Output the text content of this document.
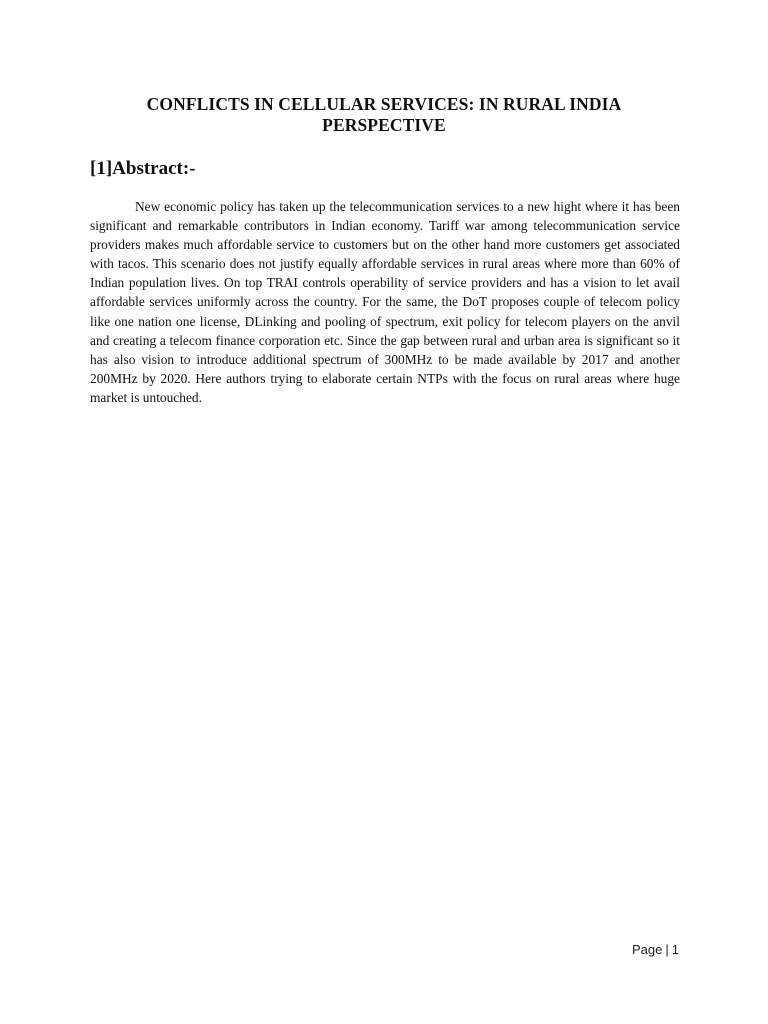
CONFLICTS IN CELLULAR SERVICES: IN RURAL INDIA PERSPECTIVE
[1]Abstract:-

New economic policy has taken up the telecommunication services to a new hight where it has been significant and remarkable contributors in Indian economy. Tariff war among telecommunication service providers makes much affordable service to customers but on the other hand more customers get associated with tacos. This scenario does not justify equally affordable services in rural areas where more than 60% of Indian population lives. On top TRAI controls operability of service providers and has a vision to let avail affordable services uniformly across the country. For the same, the DoT proposes couple of telecom policy like one nation one license, DLinking and pooling of spectrum, exit policy for telecom players on the anvil and creating a telecom finance corporation etc. Since the gap between rural and urban area is significant so it has also vision to introduce additional spectrum of 300MHz to be made available by 2017 and another 200MHz by 2020. Here authors trying to elaborate certain NTPs with the focus on rural areas where huge market is untouched.

Page | 1
